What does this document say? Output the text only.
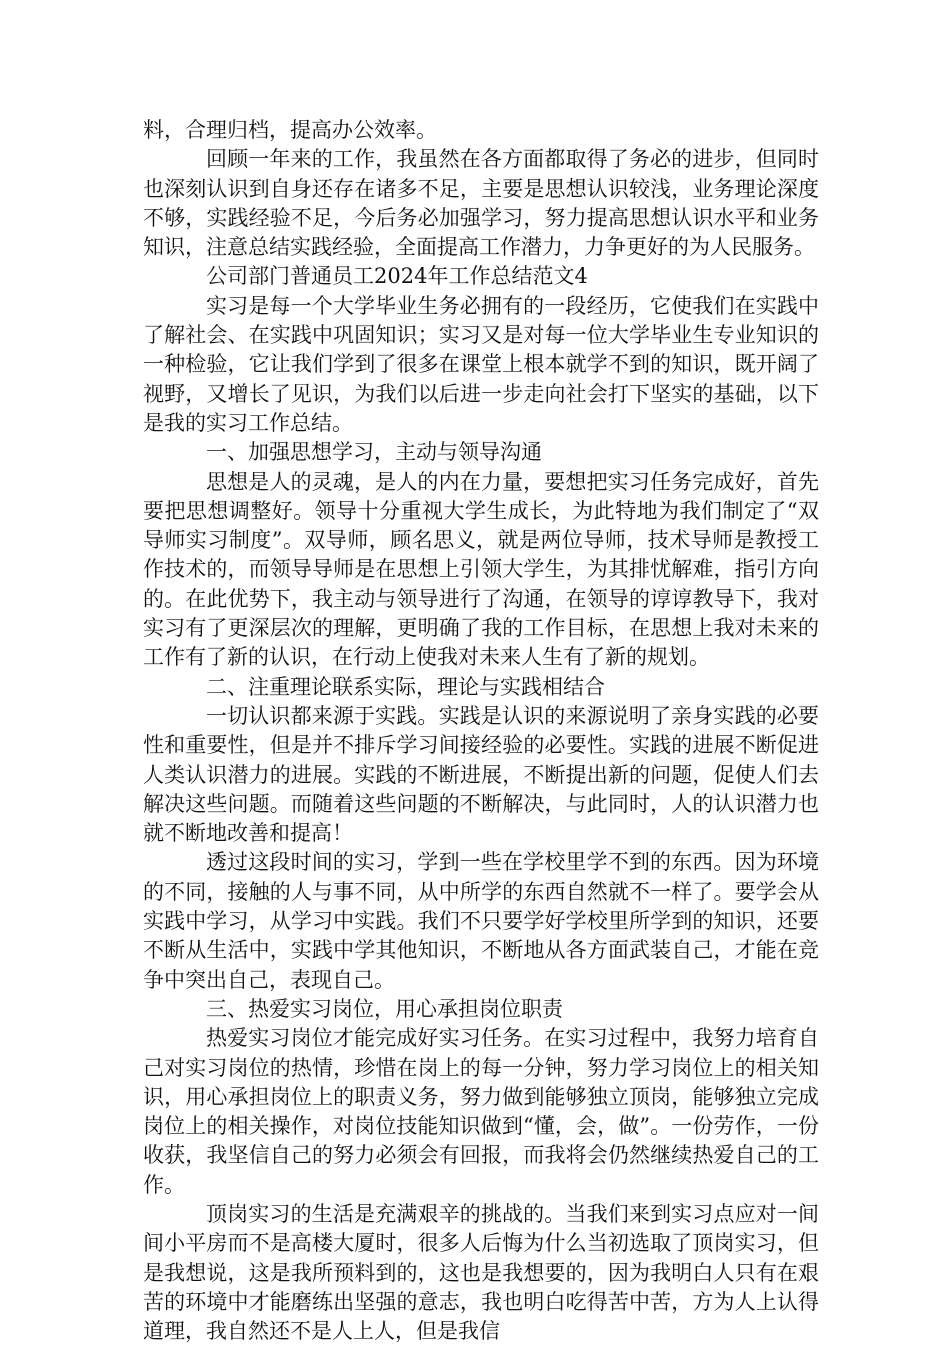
料，合理归档，提高办公效率。

回顾一年来的工作，我虽然在各方面都取得了务必的进步，但同时也深刻认识到自身还存在诸多不足，主要是思想认识较浅，业务理论深度不够，实践经验不足，今后务必加强学习，努力提高思想认识水平和业务知识，注意总结实践经验，全面提高工作潜力，力争更好的为人民服务。

公司部门普通员工2024年工作总结范文4

实习是每一个大学毕业生务必拥有的一段经历，它使我们在实践中了解社会、在实践中巩固知识；实习又是对每一位大学毕业生专业知识的一种检验，它让我们学到了很多在课堂上根本就学不到的知识，既开阔了视野，又增长了见识，为我们以后进一步走向社会打下坚实的基础，以下是我的实习工作总结。

一、加强思想学习，主动与领导沟通

思想是人的灵魂，是人的内在力量，要想把实习任务完成好，首先要把思想调整好。领导十分重视大学生成长，为此特地为我们制定了“双导师实习制度”。双导师，顾名思义，就是两位导师，技术导师是教授工作技术的，而领导导师是在思想上引领大学生，为其排忧解难，指引方向的。在此优势下，我主动与领导进行了沟通，在领导的谆谆教导下，我对实习有了更深层次的理解，更明确了我的工作目标，在思想上我对未来的工作有了新的认识，在行动上使我对未来人生有了新的规划。

二、注重理论联系实际，理论与实践相结合

一切认识都来源于实践。实践是认识的来源说明了亲身实践的必要性和重要性，但是并不排斥学习间接经验的必要性。实践的进展不断促进人类认识潜力的进展。实践的不断进展，不断提出新的问题，促使人们去解决这些问题。而随着这些问题的不断解决，与此同时，人的认识潜力也就不断地改善和提高！

透过这段时间的实习，学到一些在学校里学不到的东西。因为环境的不同，接触的人与事不同，从中所学的东西自然就不一样了。要学会从实践中学习，从学习中实践。我们不只要学好学校里所学到的知识，还要不断从生活中，实践中学其他知识，不断地从各方面武装自己，才能在竞争中突出自己，表现自己。

三、热爱实习岗位，用心承担岗位职责

热爱实习岗位才能完成好实习任务。在实习过程中，我努力培育自己对实习岗位的热情，珍惜在岗上的每一分钟，努力学习岗位上的相关知识，用心承担岗位上的职责义务，努力做到能够独立顶岗，能够独立完成岗位上的相关操作，对岗位技能知识做到“懂，会，做”。一份劳作，一份收获，我坚信自己的努力必须会有回报，而我将会仍然继续热爱自己的工作。

顶岗实习的生活是充满艰辛的挑战的。当我们来到实习点应对一间间小平房而不是高楼大厦时，很多人后悔为什么当初选取了顶岗实习，但是我想说，这是我所预料到的，这也是我想要的，因为我明白人只有在艰苦的环境中才能磨练出坚强的意志，我也明白吃得苦中苦，方为人上认得道理，我自然还不是人上人，但是我信
